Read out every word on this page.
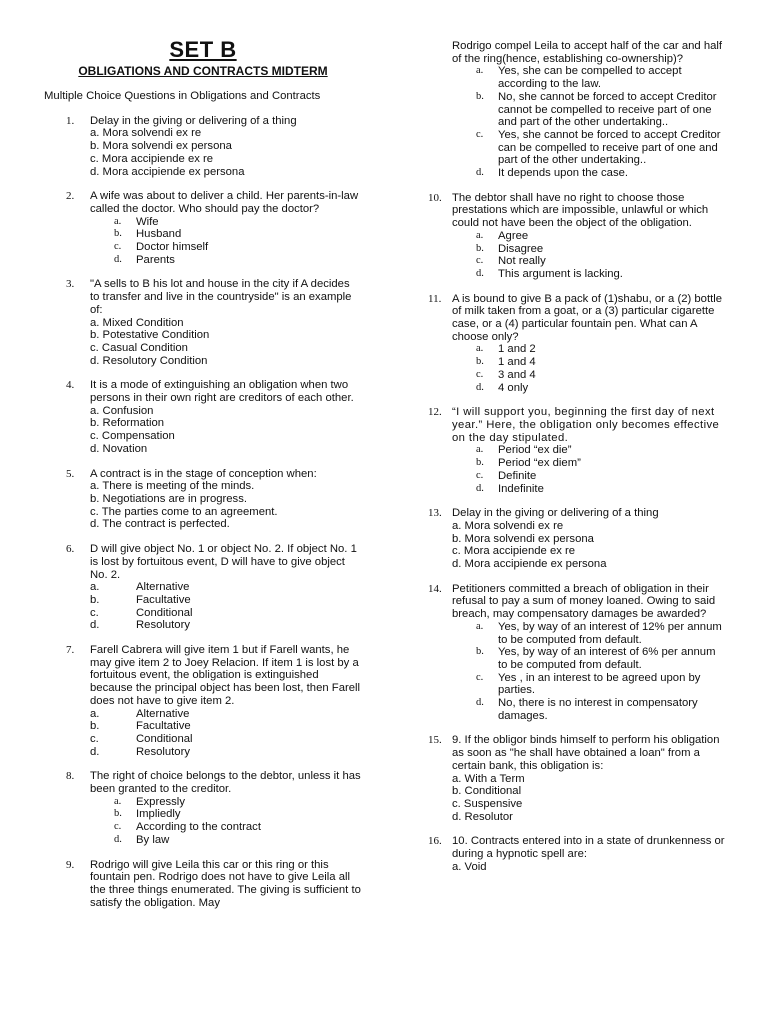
SET B
OBLIGATIONS AND CONTRACTS MIDTERM
Multiple Choice Questions in Obligations and Contracts
1. Delay in the giving or delivering of a thing
a. Mora solvendi ex re
b. Mora solvendi ex persona
c. Mora accipiende ex re
d. Mora accipiende ex persona
2. A wife was about to deliver a child. Her parents-in-law called the doctor. Who should pay the doctor?
a. Wife
b. Husband
c. Doctor himself
d. Parents
3. "A sells to B his lot and house in the city if A decides to transfer and live in the countryside" is an example of:
a. Mixed Condition
b. Potestative Condition
c. Casual Condition
d. Resolutory Condition
4. It is a mode of extinguishing an obligation when two persons in their own right are creditors of each other.
a. Confusion
b. Reformation
c. Compensation
d. Novation
5. A contract is in the stage of conception when:
a. There is meeting of the minds.
b. Negotiations are in progress.
c. The parties come to an agreement.
d. The contract is perfected.
6. D will give object No. 1 or object No. 2. If object No. 1 is lost by fortuitous event, D will have to give object No. 2.
a.	Alternative
b.	Facultative
c.	Conditional
d.	Resolutory
7. Farell Cabrera will give item 1 but if Farell wants, he may give item 2 to Joey Relacion. If item 1 is lost by a fortuitous event, the obligation is extinguished because the principal object has been lost, then Farell does not have to give item 2.
a.	Alternative
b.	Facultative
c.	Conditional
d.	Resolutory
8. The right of choice belongs to the debtor, unless it has been granted to the creditor.
a. Expressly
b. Impliedly
c. According to the contract
d. By law
9. Rodrigo will give Leila this car or this ring or this fountain pen. Rodrigo does not have to give Leila all the three things enumerated. The giving is sufficient to satisfy the obligation. May
Rodrigo compel Leila to accept half of the car and half of the ring(hence, establishing co-ownership)?
a. Yes, she can be compelled to accept according to the law.
b. No, she cannot be forced to accept Creditor cannot be compelled to receive part of one and part of the other undertaking..
c. Yes, she cannot be forced to accept Creditor can be compelled to receive part of one and part of the other undertaking..
d. It depends upon the case.
10. The debtor shall have no right to choose those prestations which are impossible, unlawful or which could not have been the object of the obligation.
a. Agree
b. Disagree
c. Not really
d. This argument is lacking.
11. A is bound to give B a pack of (1)shabu, or a (2) bottle of milk taken from a goat, or a (3) particular cigarette case, or a (4) particular fountain pen. What can A choose only?
a. 1 and 2
b. 1 and 4
c. 3 and 4
d. 4 only
12. “I will support you, beginning the first day of next year.” Here, the obligation only becomes effective on the day stipulated.
a. Period “ex die”
b. Period “ex diem”
c. Definite
d. Indefinite
13. Delay in the giving or delivering of a thing
a. Mora solvendi ex re
b. Mora solvendi ex persona
c. Mora accipiende ex re
d. Mora accipiende ex persona
14. Petitioners committed a breach of obligation in their refusal to pay a sum of money loaned. Owing to said breach, may compensatory damages be awarded?
a. Yes, by way of an interest of 12% per annum to be computed from default.
b. Yes, by way of an interest of 6% per annum to be computed from default.
c. Yes , in an interest to be agreed upon by parties.
d. No, there is no interest in compensatory damages.
15. 9. If the obligor binds himself to perform his obligation as soon as "he shall have obtained a loan" from a certain bank, this obligation is:
a. With a Term
b. Conditional
c. Suspensive
d. Resolutor
16. 10. Contracts entered into in a state of drunkenness or during a hypnotic spell are:
a. Void
